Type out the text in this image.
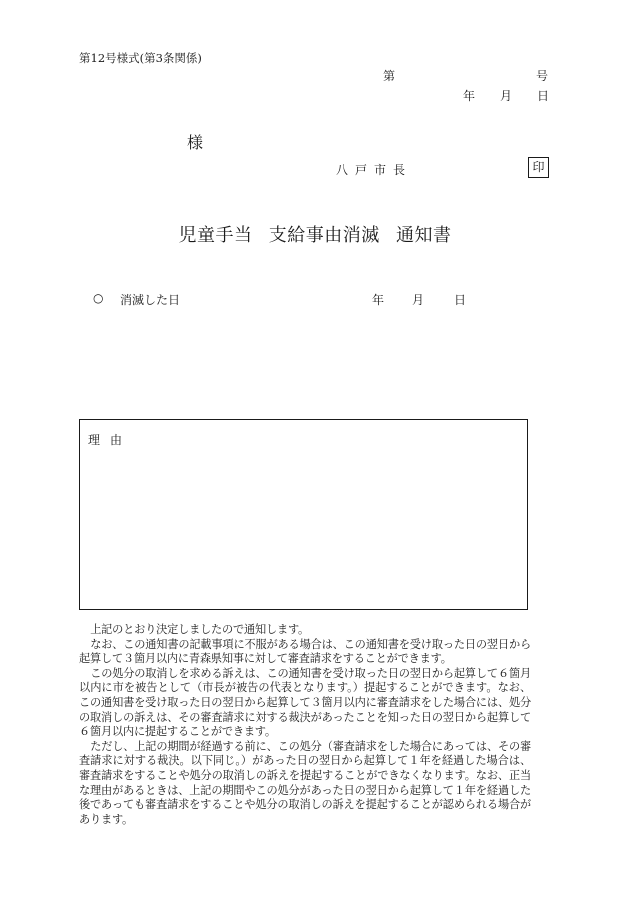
第12号様式(第3条関係)
第	号
年 月 日
様
八戸市長	印
児童手当 支給事由消滅 通知書
○ 消滅した日	年 月 日
理由

上記のとおり決定しましたので通知します。

なお、この通知書の記載事項に不服がある場合は、この通知書を受け取った日の翌日から起算して３箇月以内に青森県知事に対して審査請求をすることができます。

この処分の取消しを求める訴えは、この通知書を受け取った日の翌日から起算して６箇月以内に市を被告として（市長が被告の代表となります。）提起することができます。なお、この通知書を受け取った日の翌日から起算して３箇月以内に審査請求をした場合には、処分の取消しの訴えは、その審査請求に対する裁決があったことを知った日の翌日から起算して６箇月以内に提起することができます。

ただし、上記の期間が経過する前に、この処分（審査請求をした場合にあっては、その審査請求に対する裁決。以下同じ。）があった日の翌日から起算して１年を経過した場合は、審査請求をすることや処分の取消しの訴えを提起することができなくなります。なお、正当な理由があるときは、上記の期間やこの処分があった日の翌日から起算して１年を経過した後であっても審査請求をすることや処分の取消しの訴えを提起することが認められる場合があります。
